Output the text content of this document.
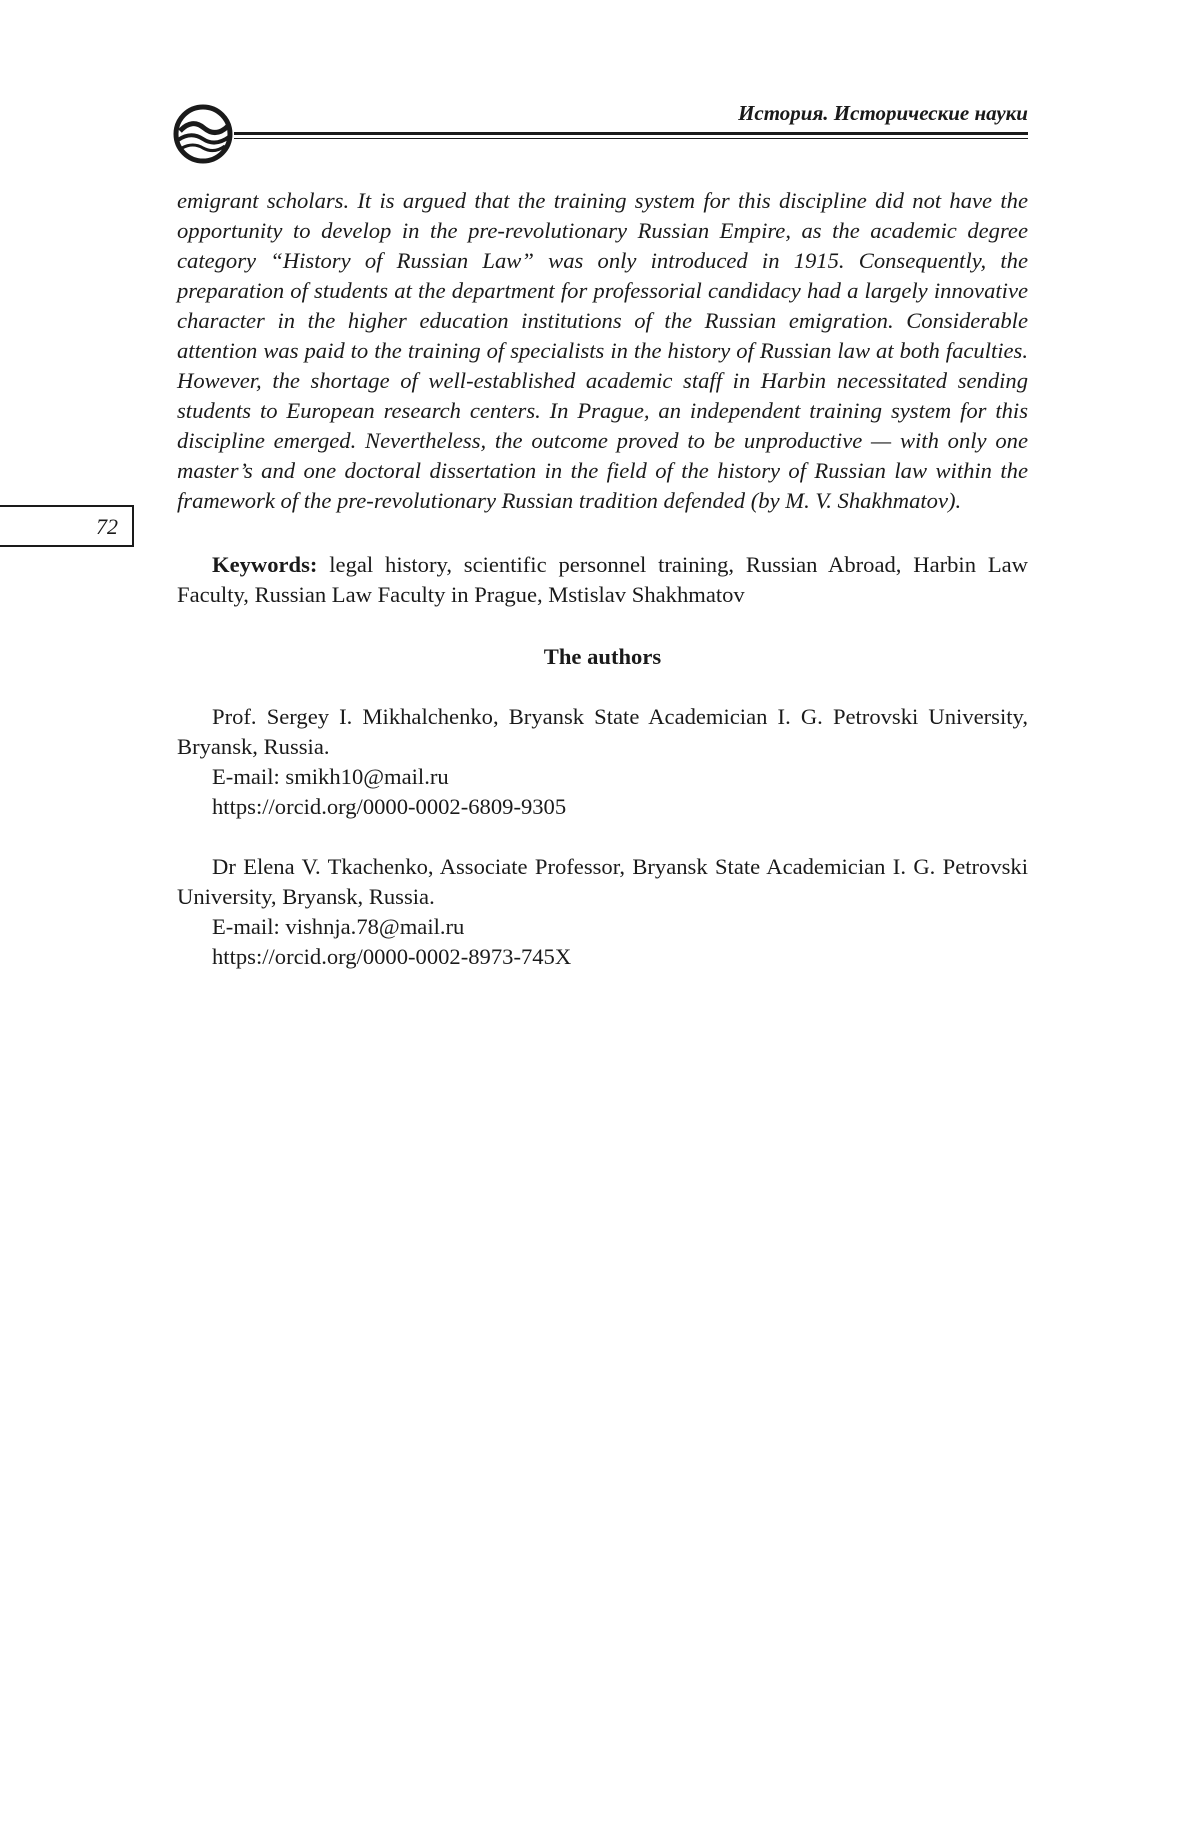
История. Исторические науки
72

emigrant scholars. It is argued that the training system for this discipline did not have the opportunity to develop in the pre-revolutionary Russian Empire, as the academic degree category “History of Russian Law” was only introduced in 1915. Consequently, the preparation of students at the department for professorial candidacy had a largely innovative character in the higher education institutions of the Russian emigration. Considerable attention was paid to the training of specialists in the history of Russian law at both faculties. However, the shortage of well-established academic staff in Harbin necessitated sending students to European research centers. In Prague, an independent training system for this discipline emerged. Nevertheless, the outcome proved to be unproductive — with only one master’s and one doctoral dissertation in the field of the history of Russian law within the framework of the pre-revolutionary Russian tradition defended (by M. V. Shakhmatov).

Keywords: legal history, scientific personnel training, Russian Abroad, Harbin Law Faculty, Russian Law Faculty in Prague, Mstislav Shakhmatov

The authors

Prof. Sergey I. Mikhalchenko, Bryansk State Academician I. G. Petrovski University, Bryansk, Russia.

E-mail: smikh10@mail.ru

https://orcid.org/0000-0002-6809-9305

Dr Elena V. Tkachenko, Associate Professor, Bryansk State Academician I. G. Petrovski University, Bryansk, Russia.

E-mail: vishnja.78@mail.ru

https://orcid.org/0000-0002-8973-745X
